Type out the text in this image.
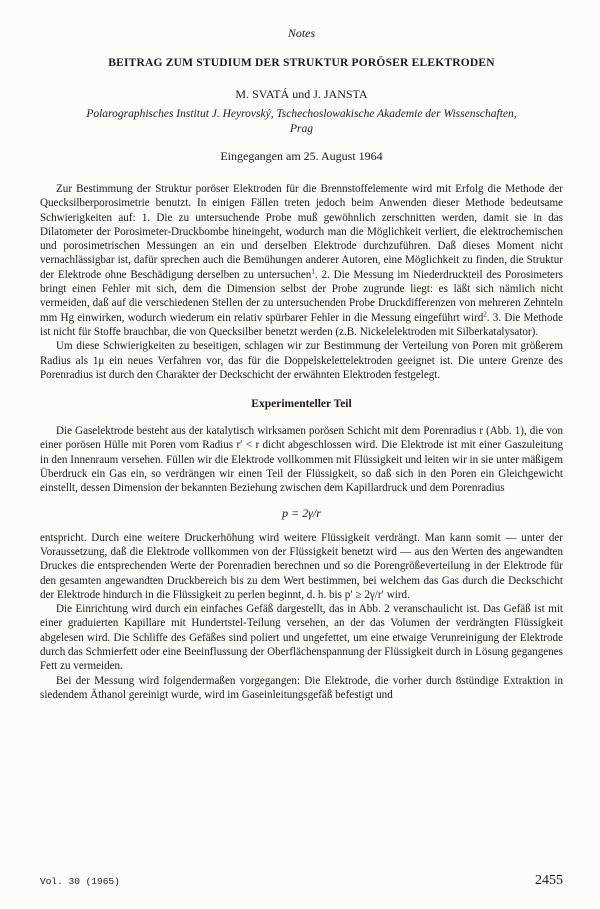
Notes
BEITRAG ZUM STUDIUM DER STRUKTUR PORÖSER ELEKTRODEN
M. SVATÁ und J. JANSTA
Polarographisches Institut J. Heyrovský, Tschechoslowakische Akademie der Wissenschaften,
Prag
Eingegangen am 25. August 1964

Zur Bestimmung der Struktur poröser Elektroden für die Brennstoffelemente wird mit Erfolg die Methode der Quecksilberporosimetrie benutzt. In einigen Fällen treten jedoch beim Anwenden dieser Methode bedeutsame Schwierigkeiten auf: 1. Die zu untersuchende Probe muß gewöhnlich zerschnitten werden, damit sie in das Dilatometer der Porosimeter-Druckbombe hineingeht, wodurch man die Möglichkeit verliert, die elektrochemischen und porosimetrischen Messungen an ein und derselben Elektrode durchzuführen. Daß dieses Moment nicht vernachlässigbar ist, dafür sprechen auch die Bemühungen anderer Autoren, eine Möglichkeit zu finden, die Struktur der Elektrode ohne Beschädigung derselben zu untersuchen$^1$. 2. Die Messung im Niederdruckteil des Porosimeters bringt einen Fehler mit sich, dem die Dimension selbst der Probe zugrunde liegt: es läßt sich nämlich nicht vermeiden, daß auf die verschiedenen Stellen der zu untersuchenden Probe Druckdifferenzen von mehreren Zehnteln mm Hg einwirken, wodurch wiederum ein relativ spürbarer Fehler in die Messung eingeführt wird$^2$. 3. Die Methode ist nicht für Stoffe brauchbar, die von Quecksilber benetzt werden (z.B. Nickelelektroden mit Silberkatalysator).

Um diese Schwierigkeiten zu beseitigen, schlagen wir zur Bestimmung der Verteilung von Poren mit größerem Radius als 1μ ein neues Verfahren vor, das für die Doppelskelettelektroden geeignet ist. Die untere Grenze des Porenradius ist durch den Charakter der Deckschicht der erwähnten Elektroden festgelegt.

Experimenteller Teil

Die Gaselektrode besteht aus der katalytisch wirksamen porösen Schicht mit dem Porenradius r (Abb. 1), die von einer porösen Hülle mit Poren vom Radius r′ < r dicht abgeschlossen wird. Die Elektrode ist mit einer Gaszuleitung in den Innenraum versehen. Füllen wir die Elektrode vollkommen mit Flüssigkeit und leiten wir in sie unter mäßigem Überdruck ein Gas ein, so verdrängen wir einen Teil der Flüssigkeit, so daß sich in den Poren ein Gleichgewicht einstellt, dessen Dimension der bekannten Beziehung zwischen dem Kapillardruck und dem Porenradius

p = 2γ/r

entspricht. Durch eine weitere Druckerhöhung wird weitere Flüssigkeit verdrängt. Man kann somit — unter der Voraussetzung, daß die Elektrode vollkommen von der Flüssigkeit benetzt wird — aus den Werten des angewandten Druckes die entsprechenden Werte der Porenradien berechnen und so die Porengrößeverteilung in der Elektrode für den gesamten angewandten Druckbereich bis zu dem Wert bestimmen, bei welchem das Gas durch die Deckschicht der Elektrode hindurch in die Flüssigkeit zu perlen beginnt, d. h. bis p′ ≥ 2γ/r′ wird.

Die Einrichtung wird durch ein einfaches Gefäß dargestellt, das in Abb. 2 veranschaulicht ist. Das Gefäß ist mit einer graduierten Kapillare mit Hundertstel-Teilung versehen, an der das Volumen der verdrängten Flüssigkeit abgelesen wird. Die Schliffe des Gefäßes sind poliert und ungefettet, um eine etwaige Verunreinigung der Elektrode durch das Schmierfett oder eine Beeinflussung der Oberflächenspannung der Flüssigkeit durch in Lösung gegangenes Fett zu vermeiden.

Bei der Messung wird folgendermaßen vorgegangen: Die Elektrode, die vorher durch 8stündige Extraktion in siedendem Äthanol gereinigt wurde, wird im Gaseinleitungsgefäß befestigt und

Vol. 30 (1965)	2455
